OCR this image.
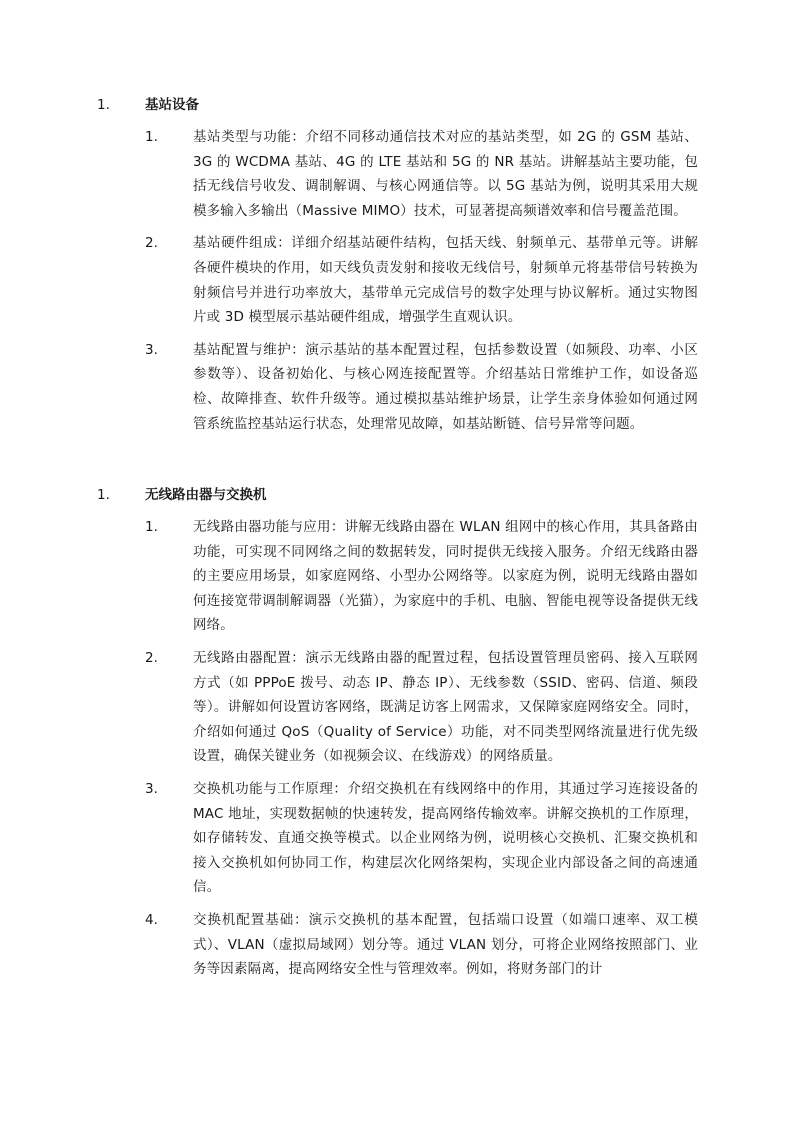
1.	基站设备
1.	基站类型与功能：介绍不同移动通信技术对应的基站类型，如 2G 的 GSM 基站、3G 的 WCDMA 基站、4G 的 LTE 基站和 5G 的 NR 基站。讲解基站主要功能，包括无线信号收发、调制解调、与核心网通信等。以 5G 基站为例，说明其采用大规模多输入多输出（Massive MIMO）技术，可显著提高频谱效率和信号覆盖范围。
2.	基站硬件组成：详细介绍基站硬件结构，包括天线、射频单元、基带单元等。讲解各硬件模块的作用，如天线负责发射和接收无线信号，射频单元将基带信号转换为射频信号并进行功率放大，基带单元完成信号的数字处理与协议解析。通过实物图片或 3D 模型展示基站硬件组成，增强学生直观认识。
3.	基站配置与维护：演示基站的基本配置过程，包括参数设置（如频段、功率、小区参数等）、设备初始化、与核心网连接配置等。介绍基站日常维护工作，如设备巡检、故障排查、软件升级等。通过模拟基站维护场景，让学生亲身体验如何通过网管系统监控基站运行状态，处理常见故障，如基站断链、信号异常等问题。
1.	无线路由器与交换机
1.	无线路由器功能与应用：讲解无线路由器在 WLAN 组网中的核心作用，其具备路由功能，可实现不同网络之间的数据转发，同时提供无线接入服务。介绍无线路由器的主要应用场景，如家庭网络、小型办公网络等。以家庭为例，说明无线路由器如何连接宽带调制解调器（光猫），为家庭中的手机、电脑、智能电视等设备提供无线网络。
2.	无线路由器配置：演示无线路由器的配置过程，包括设置管理员密码、接入互联网方式（如 PPPoE 拨号、动态 IP、静态 IP）、无线参数（SSID、密码、信道、频段等）。讲解如何设置访客网络，既满足访客上网需求，又保障家庭网络安全。同时，介绍如何通过 QoS（Quality of Service）功能，对不同类型网络流量进行优先级设置，确保关键业务（如视频会议、在线游戏）的网络质量。
3.	交换机功能与工作原理：介绍交换机在有线网络中的作用，其通过学习连接设备的 MAC 地址，实现数据帧的快速转发，提高网络传输效率。讲解交换机的工作原理，如存储转发、直通交换等模式。以企业网络为例，说明核心交换机、汇聚交换机和接入交换机如何协同工作，构建层次化网络架构，实现企业内部设备之间的高速通信。
4.	交换机配置基础：演示交换机的基本配置，包括端口设置（如端口速率、双工模式）、VLAN（虚拟局域网）划分等。通过 VLAN 划分，可将企业网络按照部门、业务等因素隔离，提高网络安全性与管理效率。例如，将财务部门的计
